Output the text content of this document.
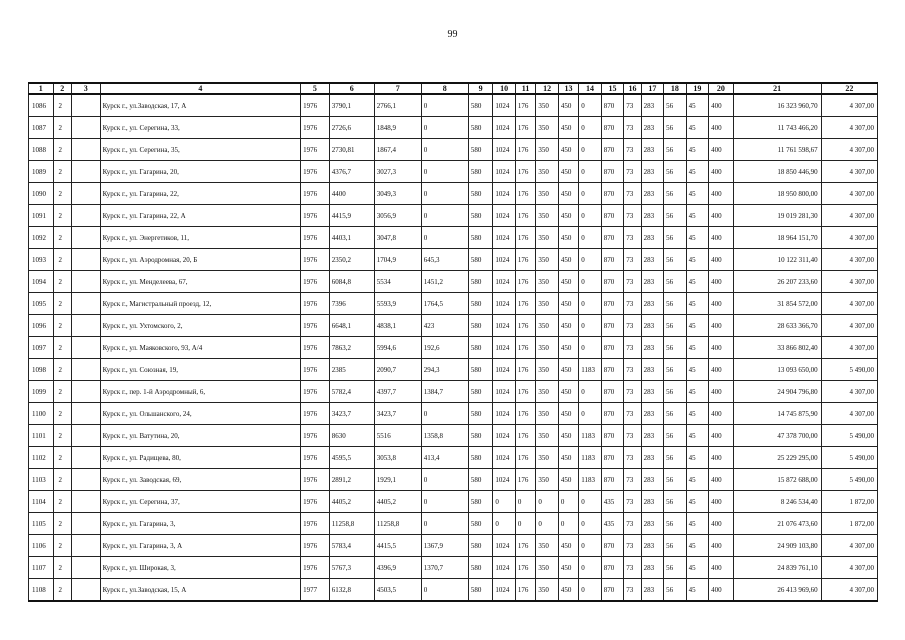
99
1	2	3	4	5	6	7	8	9	10	11	12	13	14	15	16	17	18	19	20	21	22
1086	2		Курск г., ул.Заводская, 17, А	1976	3790,1	2766,1	0	580	1024	176	350	450	0	870	73	283	56	45	400	16 323 960,70	4 307,00
1087	2		Курск г., ул. Серегина, 33,	1976	2726,6	1848,9	0	580	1024	176	350	450	0	870	73	283	56	45	400	11 743 466,20	4 307,00
1088	2		Курск г., ул. Серегина, 35,	1976	2730,81	1867,4	0	580	1024	176	350	450	0	870	73	283	56	45	400	11 761 598,67	4 307,00
1089	2		Курск г., ул. Гагарина, 20,	1976	4376,7	3027,3	0	580	1024	176	350	450	0	870	73	283	56	45	400	18 850 446,90	4 307,00
1090	2		Курск г., ул. Гагарина, 22,	1976	4400	3049,3	0	580	1024	176	350	450	0	870	73	283	56	45	400	18 950 800,00	4 307,00
1091	2		Курск г., ул. Гагарина, 22, А	1976	4415,9	3056,9	0	580	1024	176	350	450	0	870	73	283	56	45	400	19 019 281,30	4 307,00
1092	2		Курск г., ул. Энергетиков, 11,	1976	4403,1	3047,8	0	580	1024	176	350	450	0	870	73	283	56	45	400	18 964 151,70	4 307,00
1093	2		Курск г., ул. Аэродромная, 20, Б	1976	2350,2	1704,9	645,3	580	1024	176	350	450	0	870	73	283	56	45	400	10 122 311,40	4 307,00
1094	2		Курск г., ул. Менделеева, 67,	1976	6084,8	5534	1451,2	580	1024	176	350	450	0	870	73	283	56	45	400	26 207 233,60	4 307,00
1095	2		Курск г., Магистральный проезд, 12,	1976	7396	5593,9	1764,5	580	1024	176	350	450	0	870	73	283	56	45	400	31 854 572,00	4 307,00
1096	2		Курск г., ул. Ухтомского, 2,	1976	6648,1	4838,1	423	580	1024	176	350	450	0	870	73	283	56	45	400	28 633 366,70	4 307,00
1097	2		Курск г., ул. Маяковского, 93, А/4	1976	7863,2	5994,6	192,6	580	1024	176	350	450	0	870	73	283	56	45	400	33 866 802,40	4 307,00
1098	2		Курск г., ул. Союзная, 19,	1976	2385	2090,7	294,3	580	1024	176	350	450	1183	870	73	283	56	45	400	13 093 650,00	5 490,00
1099	2		Курск г., пер. 1-й Аэродромный, 6,	1976	5782,4	4397,7	1384,7	580	1024	176	350	450	0	870	73	283	56	45	400	24 904 796,80	4 307,00
1100	2		Курск г., ул. Ольшанского, 24,	1976	3423,7	3423,7	0	580	1024	176	350	450	0	870	73	283	56	45	400	14 745 875,90	4 307,00
1101	2		Курск г., ул. Ватутина, 20,	1976	8630	5516	1358,8	580	1024	176	350	450	1183	870	73	283	56	45	400	47 378 700,00	5 490,00
1102	2		Курск г., ул. Радищева, 80,	1976	4595,5	3053,8	413,4	580	1024	176	350	450	1183	870	73	283	56	45	400	25 229 295,00	5 490,00
1103	2		Курск г., ул. Заводская, 69,	1976	2891,2	1929,1	0	580	1024	176	350	450	1183	870	73	283	56	45	400	15 872 688,00	5 490,00
1104	2		Курск г., ул. Серегина, 37,	1976	4405,2	4405,2	0	580	0	0	0	0	0	435	73	283	56	45	400	8 246 534,40	1 872,00
1105	2		Курск г., ул. Гагарина, 3,	1976	11258,8	11258,8	0	580	0	0	0	0	0	435	73	283	56	45	400	21 076 473,60	1 872,00
1106	2		Курск г., ул. Гагарина, 3, А	1976	5783,4	4415,5	1367,9	580	1024	176	350	450	0	870	73	283	56	45	400	24 909 103,80	4 307,00
1107	2		Курск г., ул. Широкая, 3,	1976	5767,3	4396,9	1370,7	580	1024	176	350	450	0	870	73	283	56	45	400	24 839 761,10	4 307,00
1108	2		Курск г., ул.Заводская, 15, А	1977	6132,8	4503,5	0	580	1024	176	350	450	0	870	73	283	56	45	400	26 413 969,60	4 307,00
